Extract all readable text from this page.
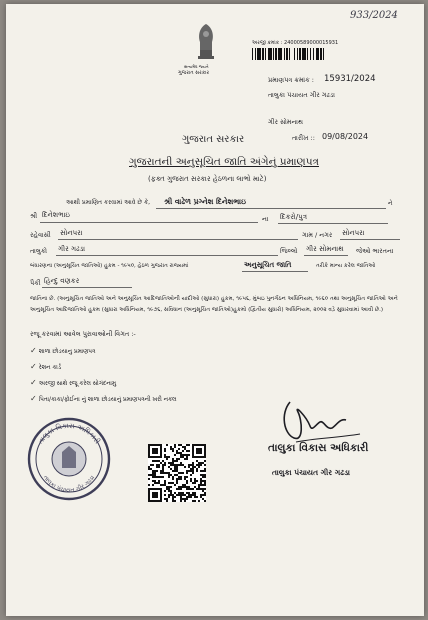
933/2024
સત્યમેવ જયતે
ગુજરાત સરકાર
અરજી ક્રમાંક : 24000589000015931
પ્રમાણપત્ર ક્રમાંક : 15931/2024
તાલુકા પંચાયત ગીર ગઢડા
ગીર સોમનાથ
તારીખ :: 09/08/2024
ગુજરાત સરકાર
ગુજરાતની અનુસૂચિત જાતિ અંગેનું પ્રમાણપત્ર
(ફક્ત ગુજરાત સરકાર હેઠળના લાભો માટે)
આથી પ્રમાણિત કરવામાં આવે છે કે, શ્રી વાઢેળ પ્રગ્નેશ દિનેશભાઇ	ને
શ્રી દિનેશભાઇ	ના દિકરો/પુત્ર
રહેવાસી સોનપરા	ગામ / નગર સોનપરા
તાલુકો ગીર ગઢડા	જિલ્લો ગીર સોમનાથ જેઓ ભારતના
બંધારણના (અનુસૂચિત જાતિઓ) હુકમ - ૧૯૫૦, હેઠળ ગુજરાત રાજ્યમાં	અનુસૂચિત જાતિ	તરીકે માન્ય કરેલ જાતિઓ
પૈકી હિન્દુ વણકર
જાતિના છે. (અનુસૂચિત જાતિઓ અને અનુસૂચિત આદિજાતિઓની યાદીઓ (સુધારા) હુકમ, ૧૯૫૬, મુંબઇ પુનર્ગઠન અધિનિયમ, ૧૯૬૦ તથા અનુસૂચિત જાતિઓ અને અનુસૂચિત આદિજાતિઓ હુકમ (સુધારા અધિનિયમ, ૧૯૭૬, સવિધાન (અનુસૂચિત જાતિઓ)હુકમો (દ્વિતીય સુધારો) અધિનિયમ, ૨૦૦૨ વડ઼ે સુધારવામાં આવી છે.)
રજૂ કરવામાં આવેલ પુરાવાઓની વિગત :-
✓ શાળા છોડયાનુ પ્રમાણપત્ર
✓ રેશન કાર્ડ
✓ અરજી સાથે રજૂ કરેલ સોગંદનામુ
✓ પિતા/કાકા/ફોઈના નું શાળા છોડયાનું પ્રમાણપત્રની ખરી નકલ
તાલુકા વિકાસ અધિકારી
તાલુકા પંચાયત ગીર ગઢડા
તાલુકા વિકાસ અધિકારી
તાલુકા પંચાયત ગીર ગઢડા
